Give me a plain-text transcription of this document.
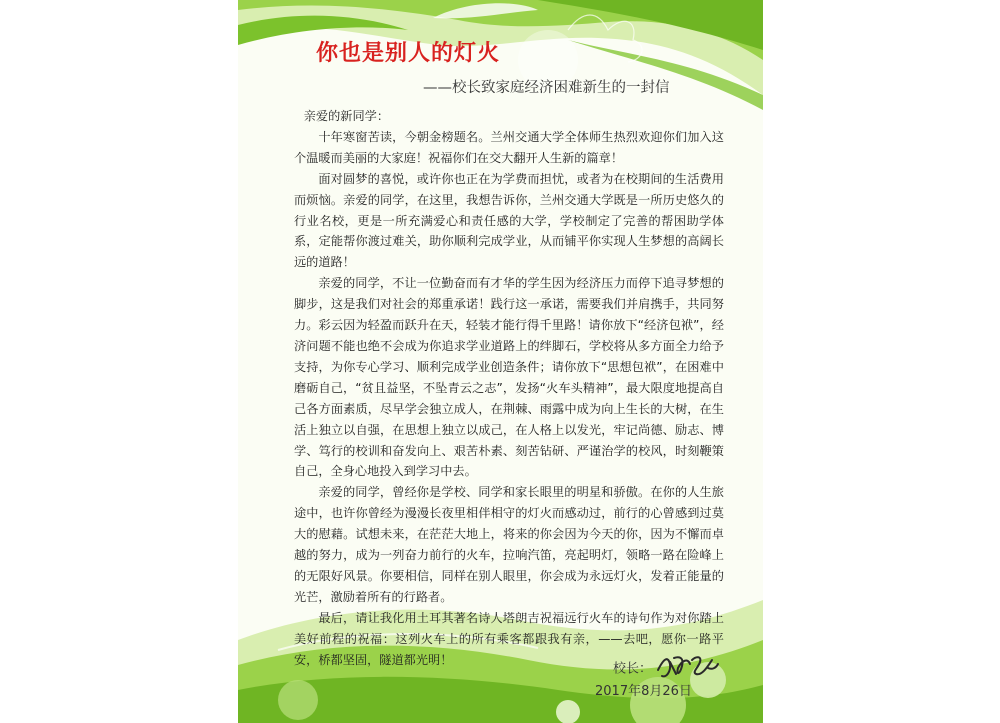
你也是别人的灯火
——校长致家庭经济困难新生的一封信

亲爱的新同学：

十年寒窗苦读，今朝金榜题名。兰州交通大学全体师生热烈欢迎你们加入这个温暖而美丽的大家庭！祝福你们在交大翻开人生新的篇章！

面对圆梦的喜悦，或许你也正在为学费而担忧，或者为在校期间的生活费用而烦恼。亲爱的同学，在这里，我想告诉你，兰州交通大学既是一所历史悠久的行业名校，更是一所充满爱心和责任感的大学，学校制定了完善的帮困助学体系，定能帮你渡过难关，助你顺利完成学业，从而铺平你实现人生梦想的高阔长远的道路！

亲爱的同学，不让一位勤奋而有才华的学生因为经济压力而停下追寻梦想的脚步，这是我们对社会的郑重承诺！践行这一承诺，需要我们并肩携手，共同努力。彩云因为轻盈而跃升在天，轻装才能行得千里路！请你放下“经济包袱”，经济问题不能也绝不会成为你追求学业道路上的绊脚石，学校将从多方面全力给予支持，为你专心学习、顺利完成学业创造条件；请你放下“思想包袱”，在困难中磨砺自己，“贫且益坚，不坠青云之志”，发扬“火车头精神”，最大限度地提高自己各方面素质，尽早学会独立成人，在荆棘、雨露中成为向上生长的大树，在生活上独立以自强，在思想上独立以成己，在人格上以发光，牢记尚德、励志、博学、笃行的校训和奋发向上、艰苦朴素、刻苦钻研、严谨治学的校风，时刻鞭策自己，全身心地投入到学习中去。

亲爱的同学，曾经你是学校、同学和家长眼里的明星和骄傲。在你的人生旅途中，也许你曾经为漫漫长夜里相伴相守的灯火而感动过，前行的心曾感到过莫大的慰藉。试想未来，在茫茫大地上，将来的你会因为今天的你，因为不懈而卓越的努力，成为一列奋力前行的火车，拉响汽笛，亮起明灯，领略一路在险峰上的无限好风景。你要相信，同样在别人眼里，你会成为永远灯火，发着正能量的光芒，激励着所有的行路者。

最后，请让我化用土耳其著名诗人塔朗吉祝福远行火车的诗句作为对你踏上美好前程的祝福：这列火车上的所有乘客都跟我有亲，——去吧，愿你一路平安，桥都坚固，隧道都光明！

校长：
2017年8月26日
